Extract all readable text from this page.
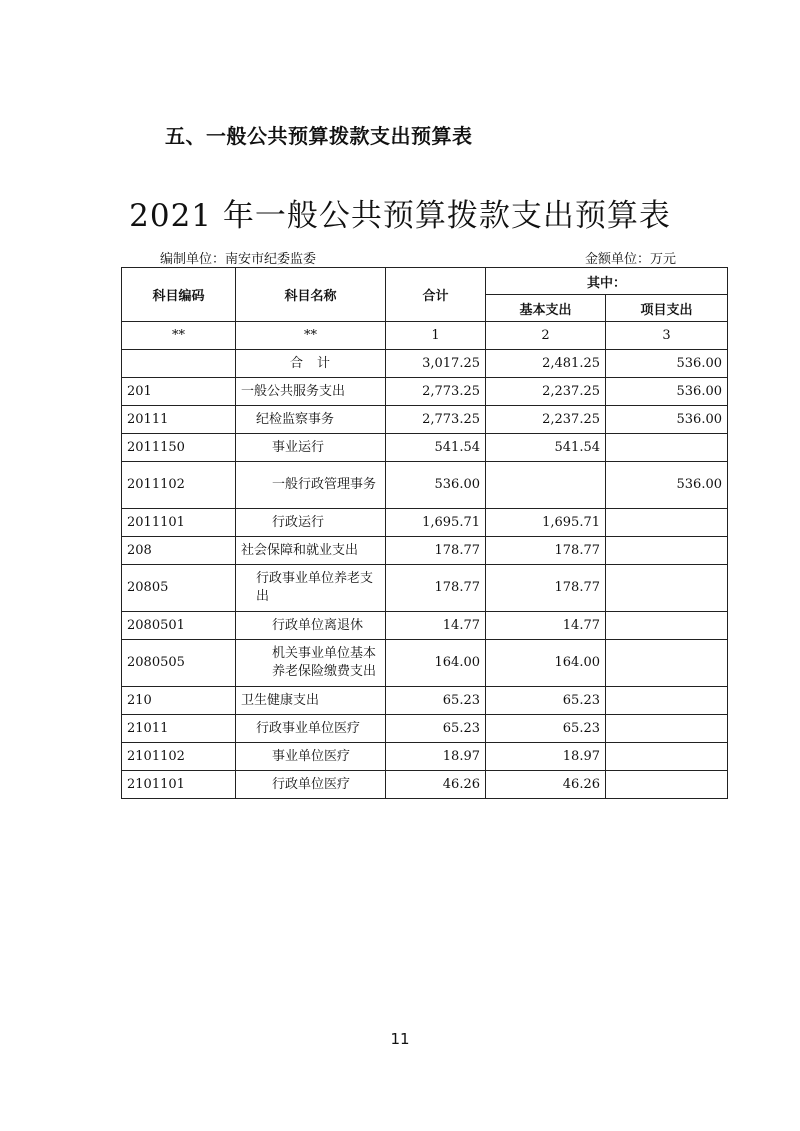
五、一般公共预算拨款支出预算表
2021 年一般公共预算拨款支出预算表
编制单位：南安市纪委监委	金额单位：万元
科目编码	科目名称	合计	其中：	
			基本支出	项目支出
**	**	1	2	3
	合计	3,017.25	2,481.25	536.00
201	一般公共服务支出	2,773.25	2,237.25	536.00
20111	纪检监察事务	2,773.25	2,237.25	536.00
2011150	事业运行	541.54	541.54	
2011102	一般行政管理事务	536.00		536.00
2011101	行政运行	1,695.71	1,695.71	
208	社会保障和就业支出	178.77	178.77	
20805	行政事业单位养老支出	178.77	178.77	
2080501	行政单位离退休	14.77	14.77	
2080505	机关事业单位基本养老保险缴费支出	164.00	164.00	
210	卫生健康支出	65.23	65.23	
21011	行政事业单位医疗	65.23	65.23	
2101102	事业单位医疗	18.97	18.97	
2101101	行政单位医疗	46.26	46.26	
11
